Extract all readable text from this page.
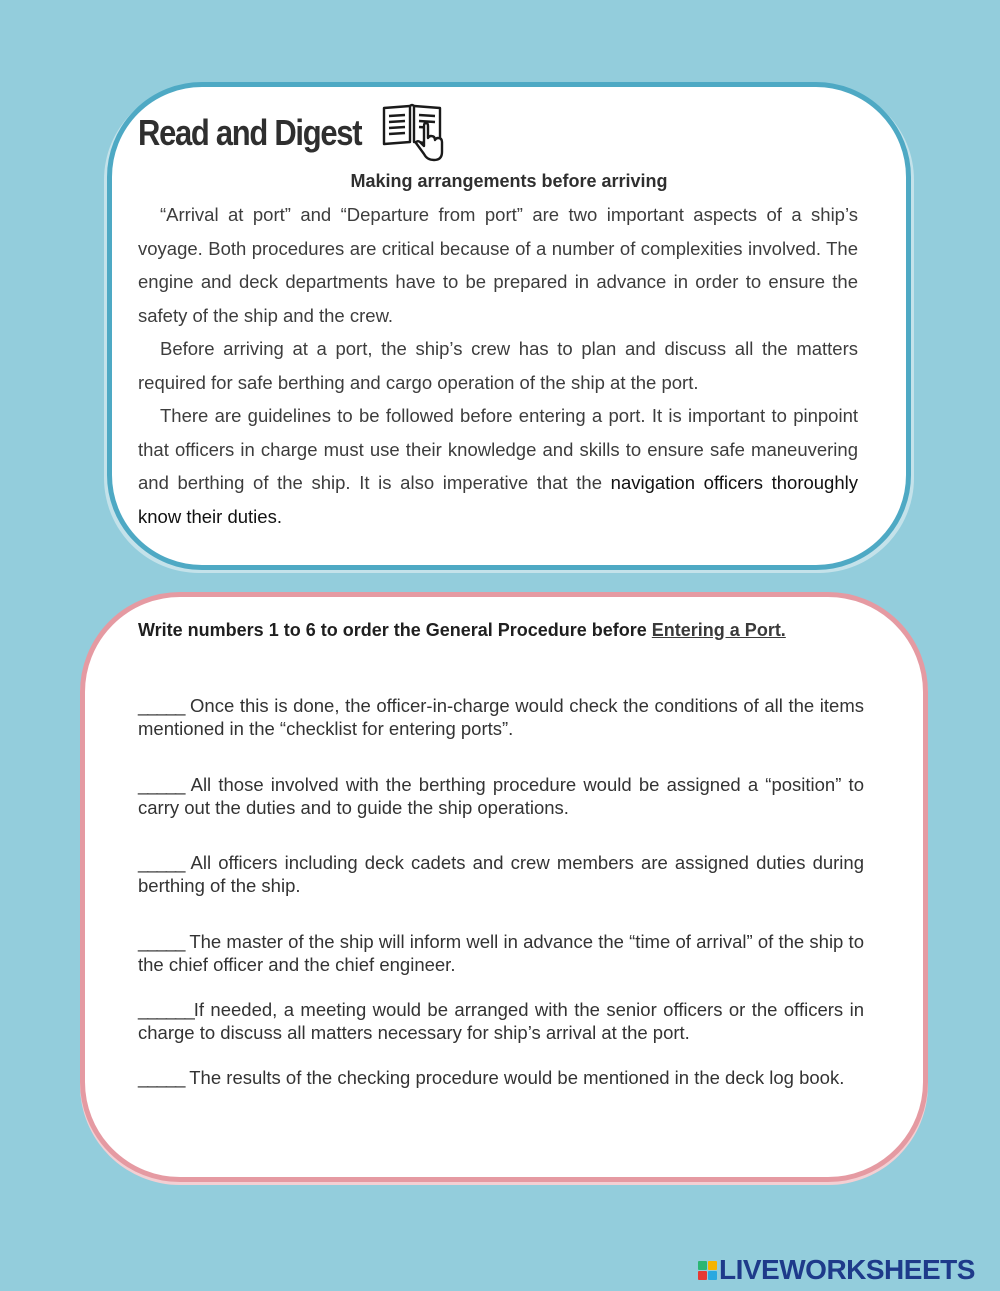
Read and Digest
Making arrangements before arriving

“Arrival at port” and “Departure from port” are two important aspects of a ship’s voyage. Both procedures are critical because of a number of complexities involved. The engine and deck departments have to be prepared in advance in order to ensure the safety of the ship and the crew.

Before arriving at a port, the ship’s crew has to plan and discuss all the matters required for safe berthing and cargo operation of the ship at the port.

There are guidelines to be followed before entering a port. It is important to pinpoint that officers in charge must use their knowledge and skills to ensure safe maneuvering and berthing of the ship. It is also imperative that the navigation officers thoroughly know their duties.

Write numbers 1 to 6 to order the General Procedure before Entering a Port.
_____ Once this is done, the officer-in-charge would check the conditions of all the items mentioned in the “checklist for entering ports”.
_____ All those involved with the berthing procedure would be assigned a “position” to carry out the duties and to guide the ship operations.
_____ All officers including deck cadets and crew members are assigned duties during berthing of the ship.
_____ The master of the ship will inform well in advance the “time of arrival” of the ship to the chief officer and the chief engineer.
______If needed, a meeting would be arranged with the senior officers or the officers in charge to discuss all matters necessary for ship’s arrival at the port.
_____ The results of the checking procedure would be mentioned in the deck log book.
LIVEWORKSHEETS
